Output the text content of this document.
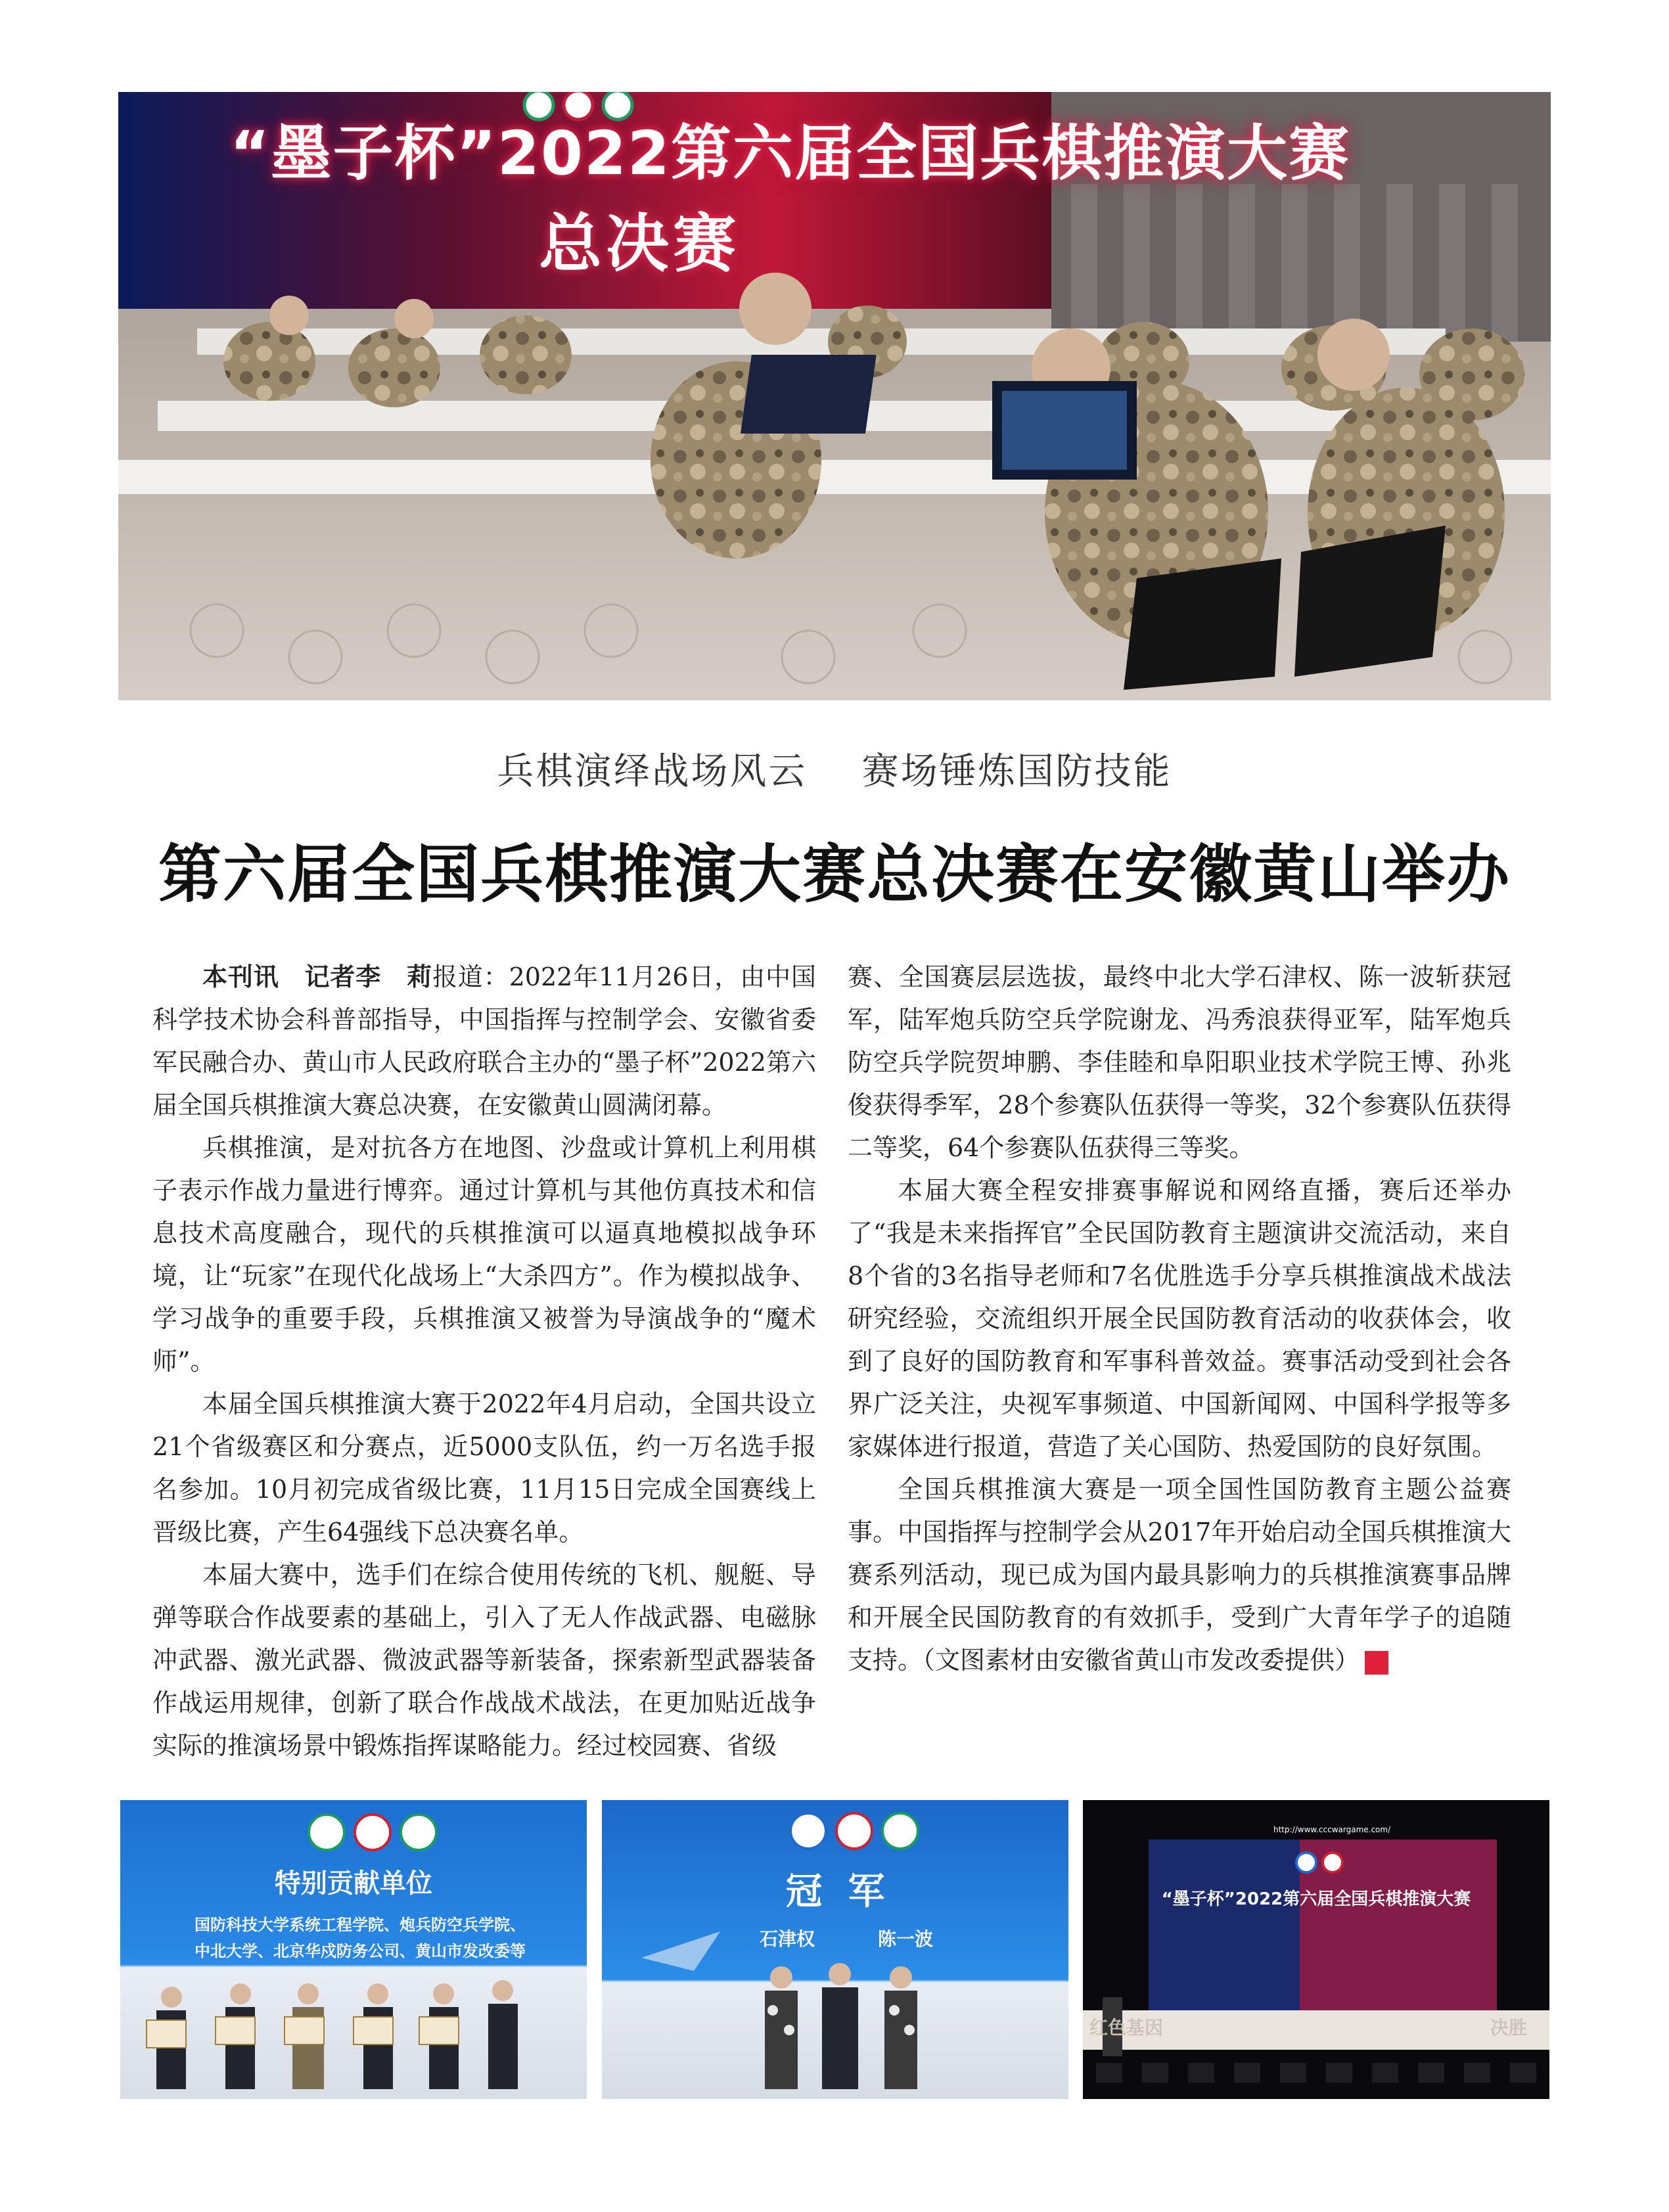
“墨子杯”2022第六届全国兵棋推演大赛
总决赛
兵棋演绎战场风云    赛场锤炼国防技能
第六届全国兵棋推演大赛总决赛在安徽黄山举办

本刊讯　记者李　莉报道：2022年11月26日，由中国科学技术协会科普部指导，中国指挥与控制学会、安徽省委军民融合办、黄山市人民政府联合主办的“墨子杯”2022第六届全国兵棋推演大赛总决赛，在安徽黄山圆满闭幕。

兵棋推演，是对抗各方在地图、沙盘或计算机上利用棋子表示作战力量进行博弈。通过计算机与其他仿真技术和信息技术高度融合，现代的兵棋推演可以逼真地模拟战争环境，让“玩家”在现代化战场上“大杀四方”。作为模拟战争、学习战争的重要手段，兵棋推演又被誉为导演战争的“魔术师”。

本届全国兵棋推演大赛于2022年4月启动，全国共设立21个省级赛区和分赛点，近5000支队伍，约一万名选手报名参加。10月初完成省级比赛，11月15日完成全国赛线上晋级比赛，产生64强线下总决赛名单。

本届大赛中，选手们在综合使用传统的飞机、舰艇、导弹等联合作战要素的基础上，引入了无人作战武器、电磁脉冲武器、激光武器、微波武器等新装备，探索新型武器装备作战运用规律，创新了联合作战战术战法，在更加贴近战争实际的推演场景中锻炼指挥谋略能力。经过校园赛、省级

赛、全国赛层层选拔，最终中北大学石津权、陈一波斩获冠军，陆军炮兵防空兵学院谢龙、冯秀浪获得亚军，陆军炮兵防空兵学院贺坤鹏、李佳睦和阜阳职业技术学院王博、孙兆俊获得季军，28个参赛队伍获得一等奖，32个参赛队伍获得二等奖，64个参赛队伍获得三等奖。

本届大赛全程安排赛事解说和网络直播，赛后还举办了“我是未来指挥官”全民国防教育主题演讲交流活动，来自8个省的3名指导老师和7名优胜选手分享兵棋推演战术战法研究经验，交流组织开展全民国防教育活动的收获体会，收到了良好的国防教育和军事科普效益。赛事活动受到社会各界广泛关注，央视军事频道、中国新闻网、中国科学报等多家媒体进行报道，营造了关心国防、热爱国防的良好氛围。

全国兵棋推演大赛是一项全国性国防教育主题公益赛事。中国指挥与控制学会从2017年开始启动全国兵棋推演大赛系列活动，现已成为国内最具影响力的兵棋推演赛事品牌和开展全民国防教育的有效抓手，受到广大青年学子的追随支持。（文图素材由安徽省黄山市发改委提供）	G

特别贡献单位
国防科技大学系统工程学院、炮兵防空兵学院、
中北大学、北京华戍防务公司、黄山市发改委等
冠  军
石津权	陈一波
http://www.cccwargame.com/
“墨子杯”2022第六届全国兵棋推演大赛
红色基因	决胜
